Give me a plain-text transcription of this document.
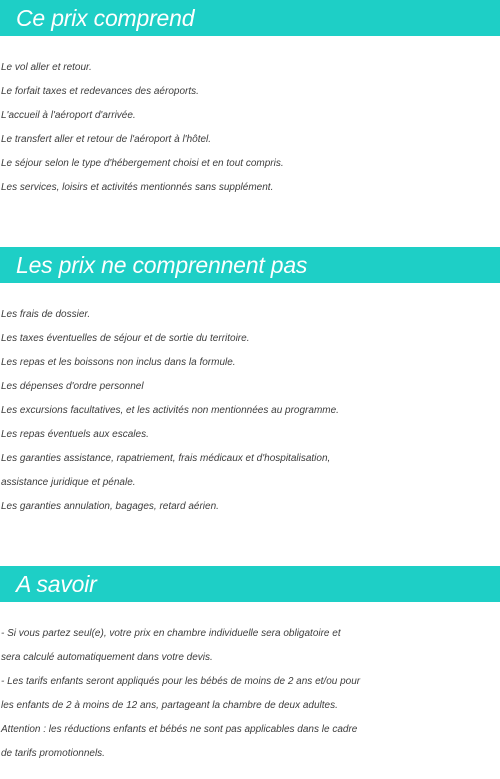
Ce prix comprend
Le vol aller et retour.
Le forfait taxes et redevances des aéroports.
L'accueil à l'aéroport d'arrivée.
Le transfert aller et retour de l'aéroport à l'hôtel.
Le séjour selon le type d'hébergement choisi et en tout compris.
Les services, loisirs et activités mentionnés sans supplément.
Les prix ne comprennent pas
Les frais de dossier.
Les taxes éventuelles de séjour et de sortie du territoire.
Les repas et les boissons non inclus dans la formule.
Les dépenses d'ordre personnel
Les excursions facultatives, et les activités non mentionnées au programme.
Les repas éventuels aux escales.
Les garanties assistance, rapatriement, frais médicaux et d'hospitalisation,
assistance juridique et pénale.
Les garanties annulation, bagages, retard aérien.
A savoir
- Si vous partez seul(e), votre prix en chambre individuelle sera obligatoire et
sera calculé automatiquement dans votre devis.
- Les tarifs enfants seront appliqués pour les bébés de moins de 2 ans et/ou pour
les enfants de 2 à moins de 12 ans, partageant la chambre de deux adultes.
Attention : les réductions enfants et bébés ne sont pas applicables dans le cadre
de tarifs promotionnels.
